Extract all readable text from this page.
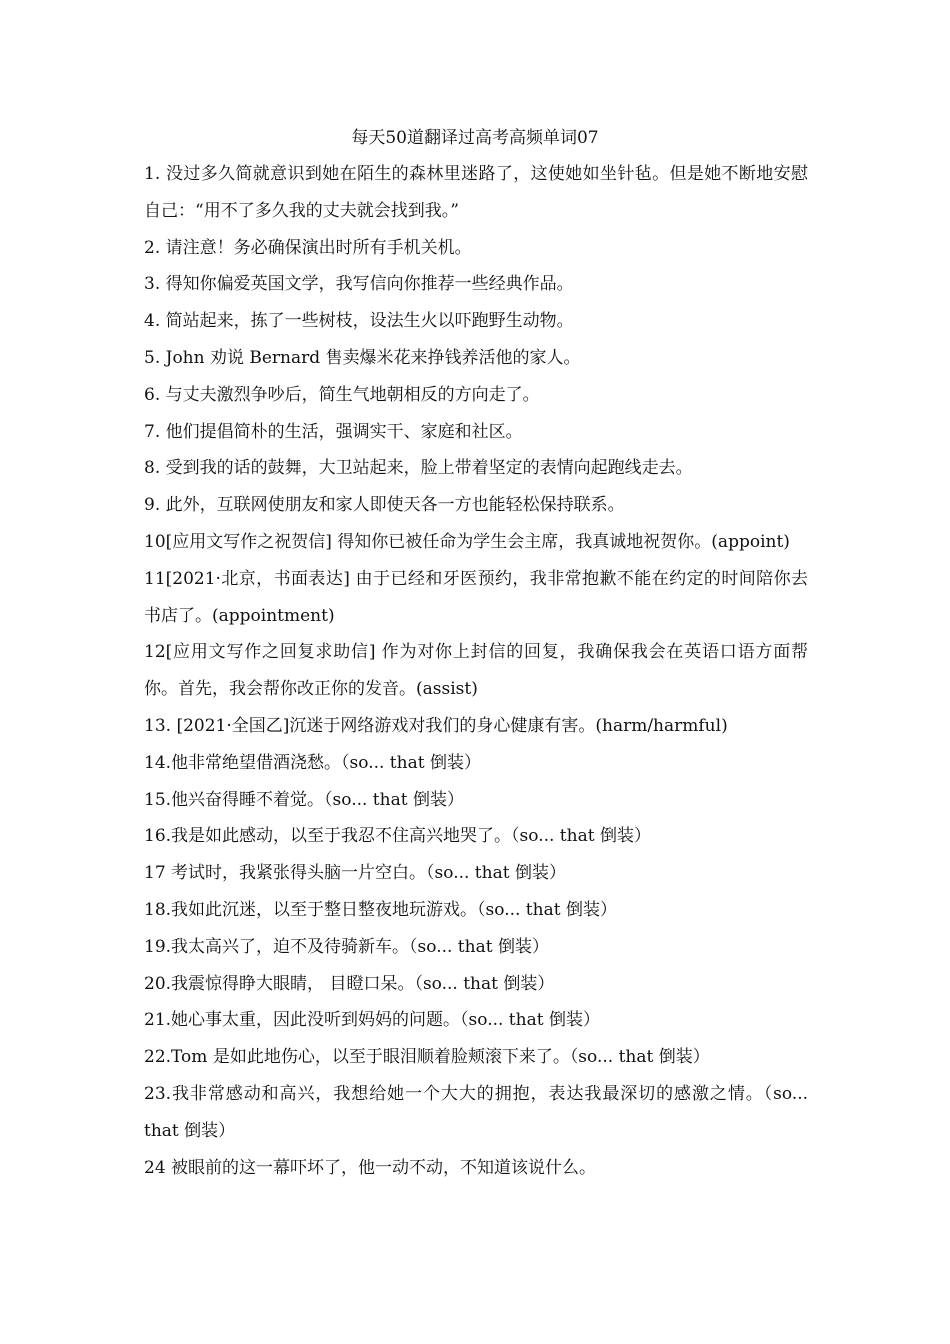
每天50道翻译过高考高频单词07

1. 没过多久简就意识到她在陌生的森林里迷路了，这使她如坐针毡。但是她不断地安慰自己：“用不了多久我的丈夫就会找到我。”

2. 请注意！务必确保演出时所有手机关机。

3. 得知你偏爱英国文学，我写信向你推荐一些经典作品。

4. 简站起来，拣了一些树枝，设法生火以吓跑野生动物。

5. John 劝说 Bernard 售卖爆米花来挣钱养活他的家人。

6. 与丈夫激烈争吵后，简生气地朝相反的方向走了。

7. 他们提倡简朴的生活，强调实干、家庭和社区。

8. 受到我的话的鼓舞，大卫站起来，脸上带着坚定的表情向起跑线走去。

9. 此外，互联网使朋友和家人即使天各一方也能轻松保持联系。

10[应用文写作之祝贺信] 得知你已被任命为学生会主席，我真诚地祝贺你。(appoint)

11[2021·北京，书面表达] 由于已经和牙医预约，我非常抱歉不能在约定的时间陪你去书店了。(appointment)

12[应用文写作之回复求助信] 作为对你上封信的回复，我确保我会在英语口语方面帮你。首先，我会帮你改正你的发音。(assist)

13. [2021·全国乙]沉迷于网络游戏对我们的身心健康有害。(harm/harmful)

14.他非常绝望借酒浇愁。（so... that 倒装）

15.他兴奋得睡不着觉。（so... that 倒装）

16.我是如此感动，以至于我忍不住高兴地哭了。（so... that 倒装）

17 考试时，我紧张得头脑一片空白。（so... that 倒装）

18.我如此沉迷，以至于整日整夜地玩游戏。（so... that 倒装）

19.我太高兴了，迫不及待骑新车。（so... that 倒装）

20.我震惊得睁大眼睛， 目瞪口呆。（so... that 倒装）

21.她心事太重，因此没听到妈妈的问题。（so... that 倒装）

22.Tom 是如此地伤心，以至于眼泪顺着脸颊滚下来了。（so... that 倒装）

23.我非常感动和高兴，我想给她一个大大的拥抱，表达我最深切的感激之情。（so... that 倒装）

24 被眼前的这一幕吓坏了，他一动不动，不知道该说什么。
